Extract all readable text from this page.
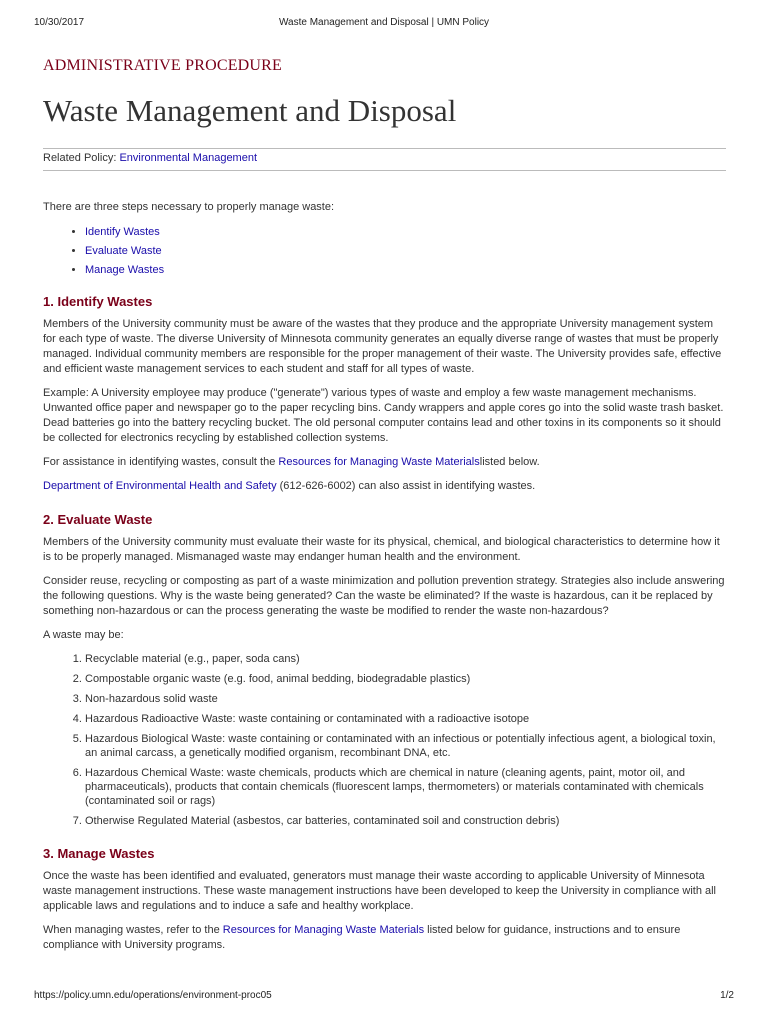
10/30/2017	Waste Management and Disposal | UMN Policy
ADMINISTRATIVE PROCEDURE
Waste Management and Disposal
Related Policy: Environmental Management

There are three steps necessary to properly manage waste:

• Identify Wastes
• Evaluate Waste
• Manage Wastes
1. Identify Wastes

Members of the University community must be aware of the wastes that they produce and the appropriate University management system for each type of waste. The diverse University of Minnesota community generates an equally diverse range of wastes that must be properly managed. Individual community members are responsible for the proper management of their waste. The University provides safe, effective and efficient waste management services to each student and staff for all types of waste.

Example: A University employee may produce ("generate") various types of waste and employ a few waste management mechanisms. Unwanted office paper and newspaper go to the paper recycling bins. Candy wrappers and apple cores go into the solid waste trash basket. Dead batteries go into the battery recycling bucket. The old personal computer contains lead and other toxins in its components so it should be collected for electronics recycling by established collection systems.

For assistance in identifying wastes, consult the Resources for Managing Waste Materialslisted below.

Department of Environmental Health and Safety (612-626-6002) can also assist in identifying wastes.

2. Evaluate Waste

Members of the University community must evaluate their waste for its physical, chemical, and biological characteristics to determine how it is to be properly managed. Mismanaged waste may endanger human health and the environment.

Consider reuse, recycling or composting as part of a waste minimization and pollution prevention strategy. Strategies also include answering the following questions. Why is the waste being generated? Can the waste be eliminated? If the waste is hazardous, can it be replaced by something non-hazardous or can the process generating the waste be modified to render the waste non-hazardous?

A waste may be:

1. Recyclable material (e.g., paper, soda cans)
2. Compostable organic waste (e.g. food, animal bedding, biodegradable plastics)
3. Non-hazardous solid waste
4. Hazardous Radioactive Waste: waste containing or contaminated with a radioactive isotope
5. Hazardous Biological Waste: waste containing or contaminated with an infectious or potentially infectious agent, a biological toxin, an animal carcass, a genetically modified organism, recombinant DNA, etc.
6. Hazardous Chemical Waste: waste chemicals, products which are chemical in nature (cleaning agents, paint, motor oil, and pharmaceuticals), products that contain chemicals (fluorescent lamps, thermometers) or materials contaminated with chemicals (contaminated soil or rags)
7. Otherwise Regulated Material (asbestos, car batteries, contaminated soil and construction debris)
3. Manage Wastes

Once the waste has been identified and evaluated, generators must manage their waste according to applicable University of Minnesota waste management instructions. These waste management instructions have been developed to keep the University in compliance with all applicable laws and regulations and to induce a safe and healthy workplace.

When managing wastes, refer to the Resources for Managing Waste Materials listed below for guidance, instructions and to ensure compliance with University programs.

https://policy.umn.edu/operations/environment-proc05	1/2
